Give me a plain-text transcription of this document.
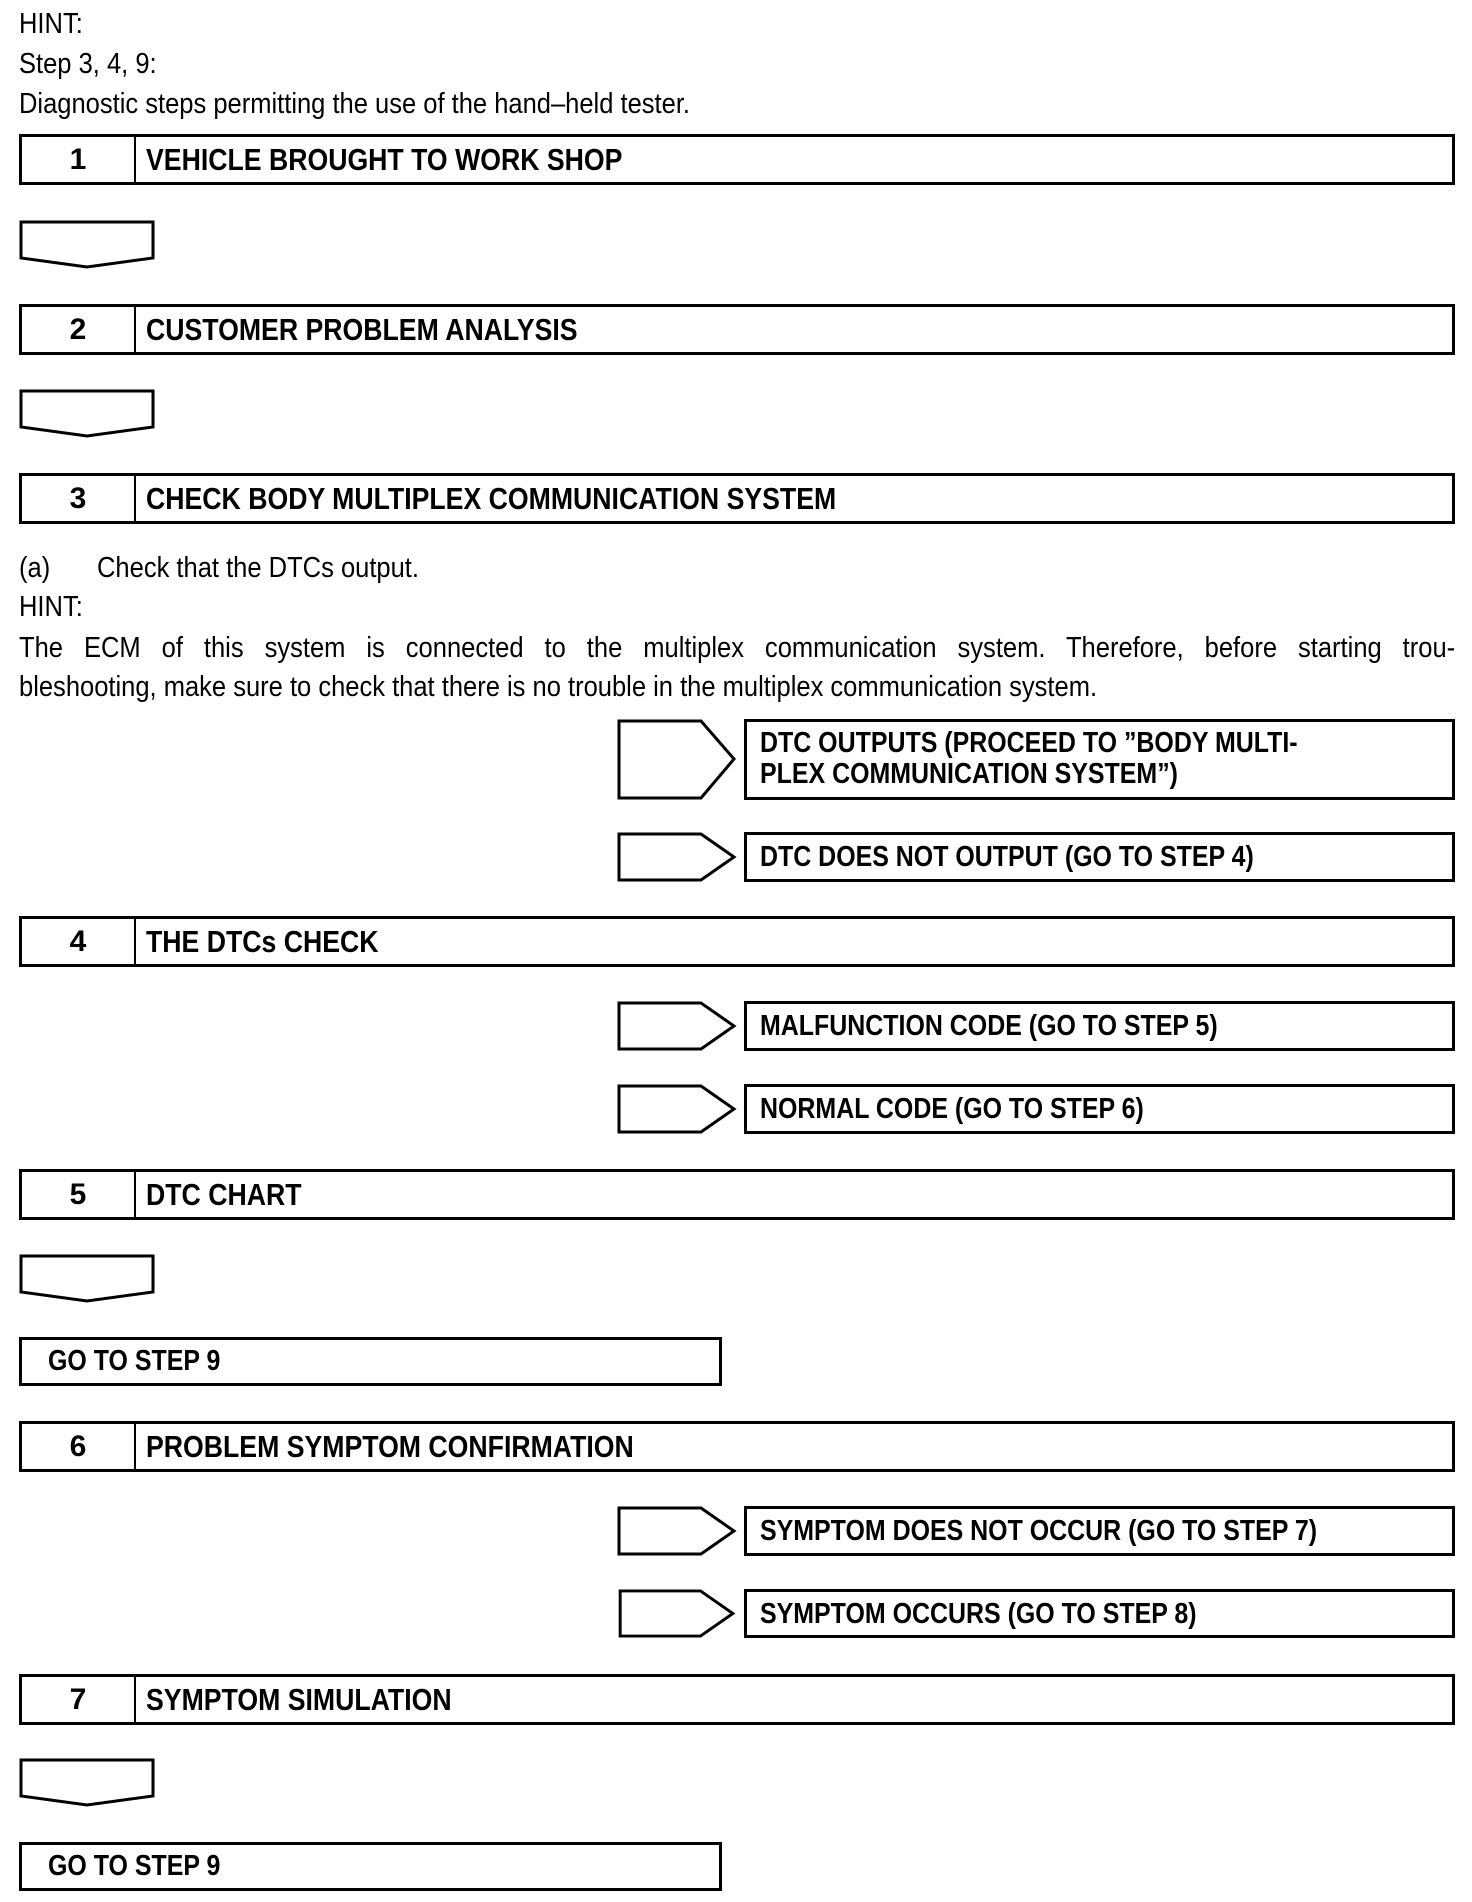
HINT:
Step 3, 4, 9:
Diagnostic steps permitting the use of the hand–held tester.
1	VEHICLE BROUGHT TO WORK SHOP
2	CUSTOMER PROBLEM ANALYSIS
3	CHECK BODY MULTIPLEX COMMUNICATION SYSTEM
(a) Check that the DTCs output.
HINT:
The ECM of this system is connected to the multiplex communication system. Therefore, before starting trou-
bleshooting, make sure to check that there is no trouble in the multiplex communication system.
DTC OUTPUTS (PROCEED TO ”BODY MULTI-
PLEX COMMUNICATION SYSTEM”)
DTC DOES NOT OUTPUT (GO TO STEP 4)
4	THE DTCs CHECK
MALFUNCTION CODE (GO TO STEP 5)
NORMAL CODE (GO TO STEP 6)
5	DTC CHART
GO TO STEP 9
6	PROBLEM SYMPTOM CONFIRMATION
SYMPTOM DOES NOT OCCUR (GO TO STEP 7)
SYMPTOM OCCURS (GO TO STEP 8)
7	SYMPTOM SIMULATION
GO TO STEP 9
